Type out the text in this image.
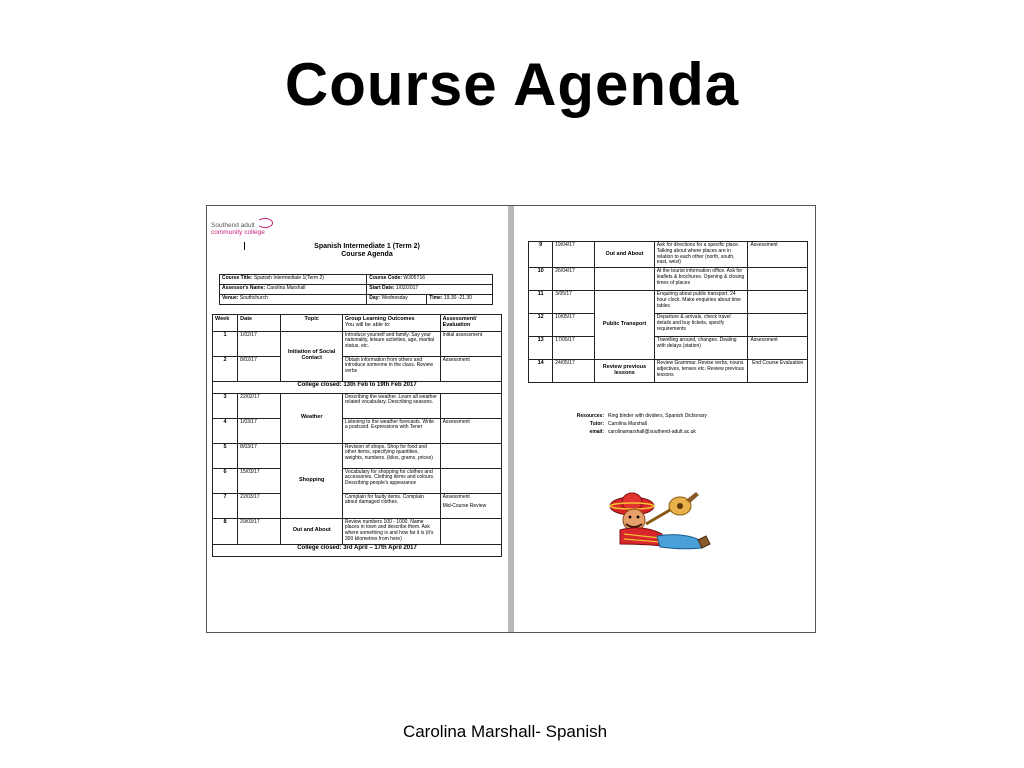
Course Agenda
Southend adult
community college
Spanish Intermediate 1 (Term 2)
Course Agenda
Course Title: Spanish Intermediate 1(Term 2)	Course Code: W305T16	
Assessor's Name: Carolina Marshall	Start Date: 1/02/2017	
Venue: Southchurch	Day: Wednesday	Time: 19.30 -21.30
Week	Date	Topic	Group Learning Outcomes
You will be able to:	Assessment/ Evaluation
1	1/02/17	Initiation of Social Contact	Introduce yourself and family. Say your nationality, leisure activities, age, marital status, etc.	Initial assessment
2	8/02/17		Obtain information from others and introduce someone in the class. Review verbs	Assessment
College closed: 13th Feb to 19th Feb 2017				
3	22/02/17	Weather	Describing the weather. Learn all weather related vocabulary. Describing seasons.	
4	1/03/17		Listening to the weather forecasts. Write a postcard. Expressions with Tener	Assessment
5	8/03/17	Shopping	Revision of shops. Shop for food and other items, specifying quantities, weights, numbers. (kilos, grams, prices)	
6	15/03/17		Vocabulary for shopping for clothes and accessories. Clothing items and colours. Describing people's appearance	
7	22/03/17		Complain for faulty items. Complain about damaged clothes.	Assessment
Mid-Course Review

8	29/03/17	Out and About	Review numbers 100 - 1000. Name places in town and describe them. Ask where something is and how far it is (it's 300 kilometres from here)	
College closed: 3rd April – 17th April 2017				
9	19/04/17	Out and About	Ask for directions for a specific place. Talking about where places are in relation to each other (north, south, east, west)	Assessment
10	26/04/17		At the tourist information office. Ask for leaflets & brochures. Opening & closing times of places	
11	3/05/17	Public Transport	Enquiring about public transport. 24 hour clock. Make enquiries about time tables	
12	10/05/17		Departure & arrivals, check travel details and buy tickets, specify requirements	
13	17/05/17		Travelling around, changes. Dealing with delays (station)	Assessment
14	24/05/17	Review previous lessons	Review Grammar. Revise verbs, nouns adjectives, tenses etc. Review previous lessons	End Course Evaluation
Resources: Ring binder with dividers, Spanish Dictionary
Tutor: Carolina Marshall
email: carolinamarshall@southend-adult.ac.uk
Carolina Marshall- Spanish
